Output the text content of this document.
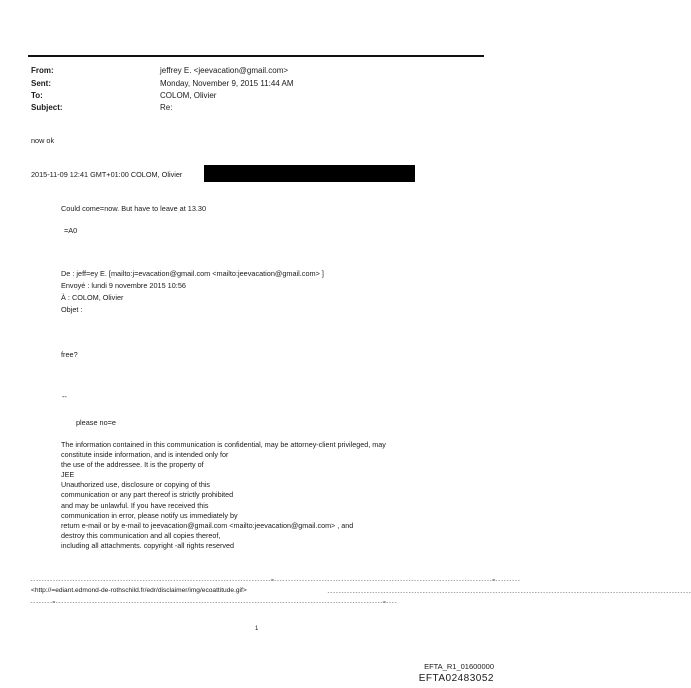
From:	jeffrey E. <jeevacation@gmail.com>
Sent:	Monday, November 9, 2015 11:44 AM
To:	COLOM, Olivier
Subject:	Re:
now ok
2015-11-09 12:41 GMT+01:00 COLOM, Olivier
Could come=now. But have to leave at 13.30
=A0
De : jeff=ey E. [mailto:j=evacation@gmail.com <mailto:jeevacation@gmail.com> ]
Envoyé : lundi 9 novembre 2015 10:56
À : COLOM, Olivier
Objet :
free?
--
please no=e
The information contained in this communication is confidential, may be attorney-client privileged, may
constitute inside information, and is intended only for
the use of the addressee. It is the property of
JEE
Unauthorized use, disclosure or copying of this
communication or any part thereof is strictly prohibited
and may be unlawful. If you have received this
communication in error, please notify us immediately by
return e-mail or by e-mail to jeevacation@gmail.com <mailto:jeevacation@gmail.com> , and
destroy this communication and all copies thereof,
including all attachments. copyright -all rights reserved
--------------------------------------------------------------------------------------=------------------------------------------------------------------------------=---------
<http://=ediant.edmond-de-rothschild.fr/edr/disclaimer/img/ecoattitude.gif>	----------------------------------------------------------------------------------------------------------------------------------
--------=---------------------------------------------------------------------------------------------------------------------=----
1
EFTA_R1_01600000
EFTA02483052
